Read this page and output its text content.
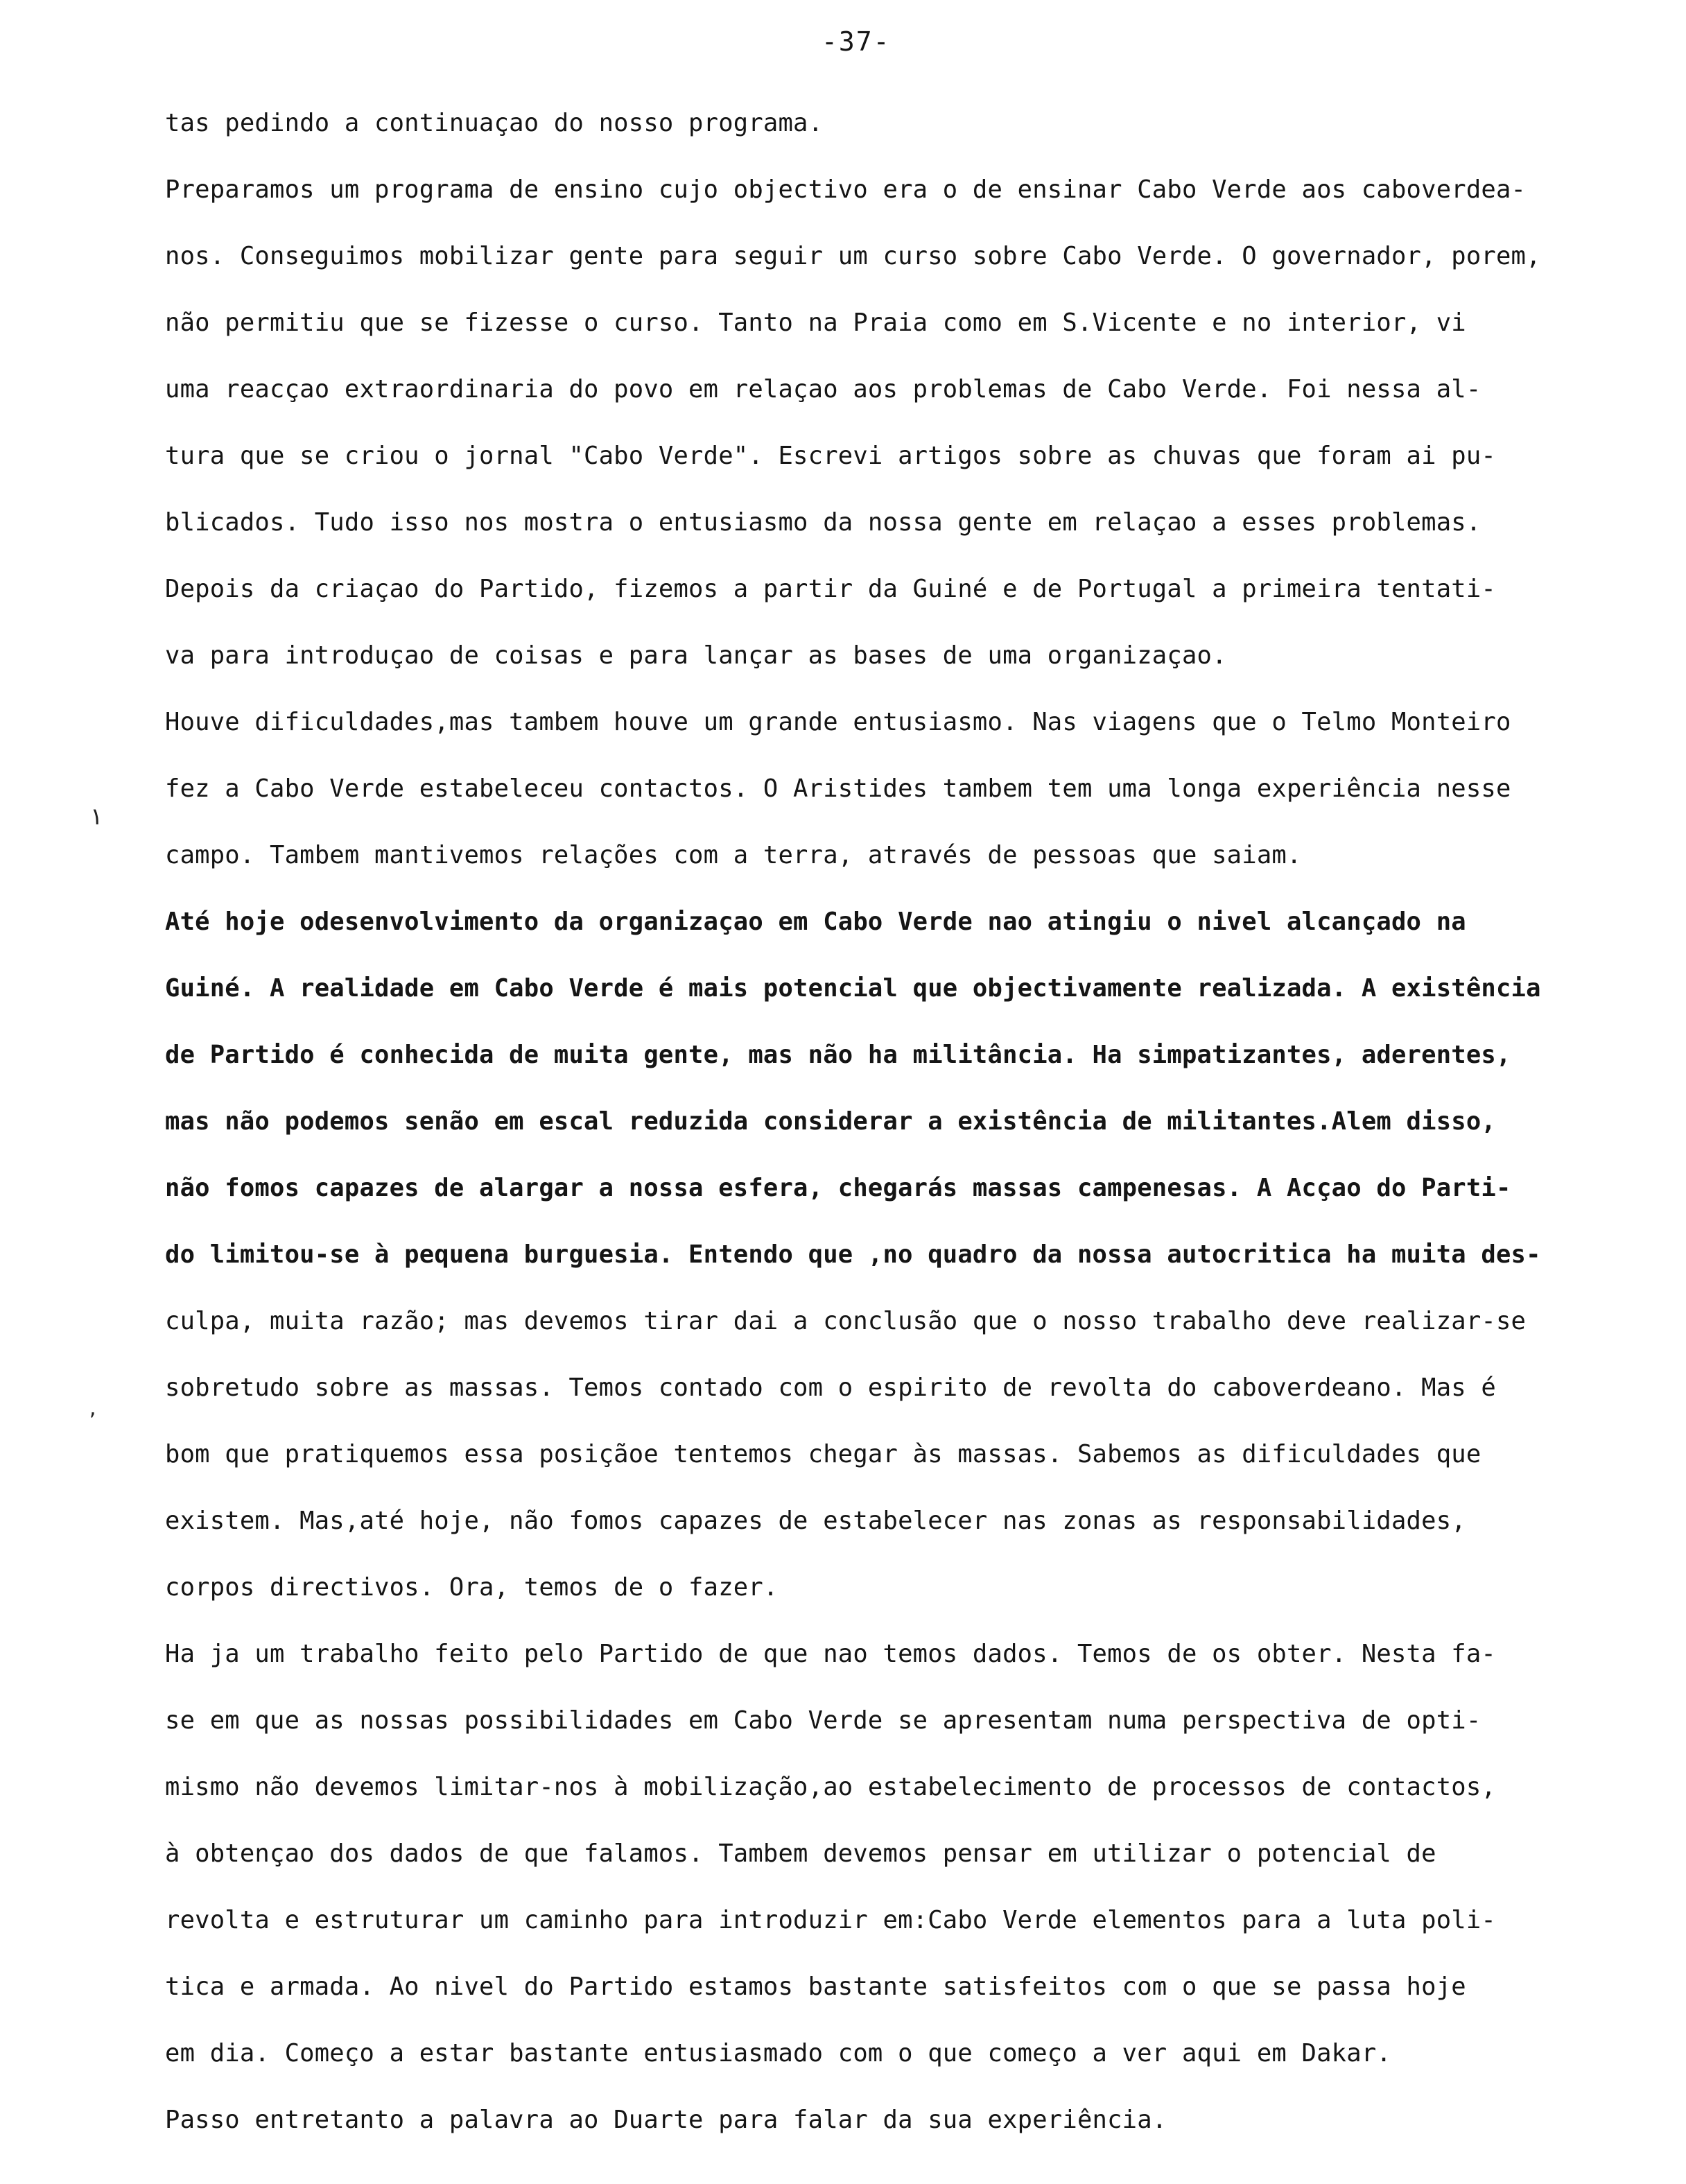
-37-
tas pedindo a continuaçao do nosso programa.
Preparamos um programa de ensino cujo objectivo era o de ensinar Cabo Verde aos caboverdea-
nos. Conseguimos mobilizar gente para seguir um curso sobre Cabo Verde. O governador, porem,
não permitiu que se fizesse o curso. Tanto na Praia como em S.Vicente e no interior, vi
uma reacçao extraordinaria do povo em relaçao aos problemas de Cabo Verde. Foi nessa al-
tura que se criou o jornal "Cabo Verde". Escrevi artigos sobre as chuvas que foram ai pu-
blicados. Tudo isso nos mostra o entusiasmo da nossa gente em relaçao a esses problemas.
Depois da criaçao do Partido, fizemos a partir da Guiné e de Portugal a primeira tentati-
va para introduçao de coisas e para lançar as bases de uma organizaçao.
Houve dificuldades,mas tambem houve um grande entusiasmo. Nas viagens que o Telmo Monteiro
fez a Cabo Verde estabeleceu contactos. O Aristides tambem tem uma longa experiência nesse
campo. Tambem mantivemos relações com a terra, através de pessoas que saiam.
Até hoje odesenvolvimento da organizaçao em Cabo Verde nao atingiu o nivel alcançado na
Guiné. A realidade em Cabo Verde é mais potencial que objectivamente realizada. A existência
de Partido é conhecida de muita gente, mas não ha militância. Ha simpatizantes, aderentes,
mas não podemos senão em escal reduzida considerar a existência de militantes.Alem disso,
não fomos capazes de alargar a nossa esfera, chegarás massas campenesas. A Acçao do Parti-
do limitou-se à pequena burguesia. Entendo que ,no quadro da nossa autocritica ha muita des-
culpa, muita razão; mas devemos tirar dai a conclusão que o nosso trabalho deve realizar-se
sobretudo sobre as massas. Temos contado com o espirito de revolta do caboverdeano. Mas é
bom que pratiquemos essa posiçãoe tentemos chegar às massas. Sabemos as dificuldades que
existem. Mas,até hoje, não fomos capazes de estabelecer nas zonas as responsabilidades,
corpos directivos. Ora, temos de o fazer.
Ha ja um trabalho feito pelo Partido de que nao temos dados. Temos de os obter. Nesta fa-
se em que as nossas possibilidades em Cabo Verde se apresentam numa perspectiva de opti-
mismo não devemos limitar-nos à mobilização,ao estabelecimento de processos de contactos,
à obtençao dos dados de que falamos. Tambem devemos pensar em utilizar o potencial de
revolta e estruturar um caminho para introduzir em:Cabo Verde elementos para a luta poli-
tica e armada. Ao nivel do Partido estamos bastante satisfeitos com o que se passa hoje
em dia. Começo a estar bastante entusiasmado com o que começo a ver aqui em Dakar.
Passo entretanto a palavra ao Duarte para falar da sua experiência.
١
,
